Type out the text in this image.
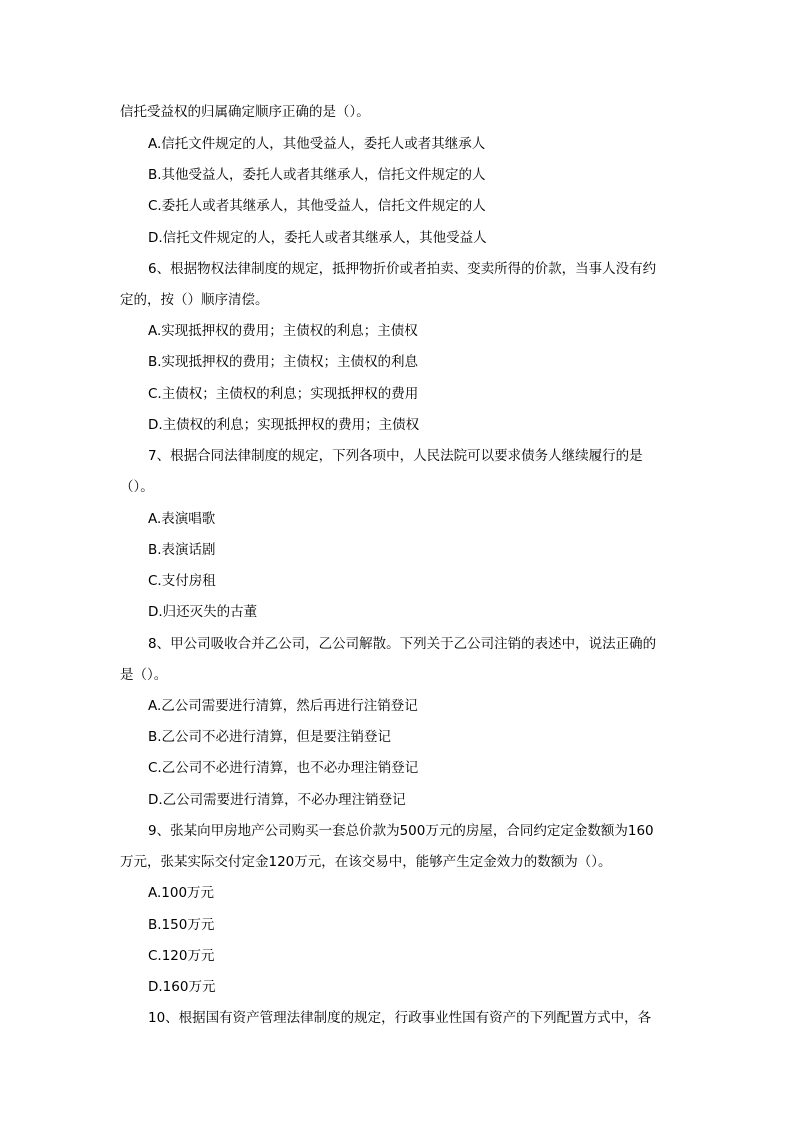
信托受益权的归属确定顺序正确的是（）。
A.信托文件规定的人，其他受益人，委托人或者其继承人
B.其他受益人，委托人或者其继承人，信托文件规定的人
C.委托人或者其继承人，其他受益人，信托文件规定的人
D.信托文件规定的人，委托人或者其继承人，其他受益人
6、根据物权法律制度的规定，抵押物折价或者拍卖、变卖所得的价款，当事人没有约
定的，按（）顺序清偿。
A.实现抵押权的费用；主债权的利息；主债权
B.实现抵押权的费用；主债权；主债权的利息
C.主债权；主债权的利息；实现抵押权的费用
D.主债权的利息；实现抵押权的费用；主债权
7、根据合同法律制度的规定，下列各项中，人民法院可以要求债务人继续履行的是
（）。
A.表演唱歌
B.表演话剧
C.支付房租
D.归还灭失的古董
8、甲公司吸收合并乙公司，乙公司解散。下列关于乙公司注销的表述中，说法正确的
是（）。
A.乙公司需要进行清算，然后再进行注销登记
B.乙公司不必进行清算，但是要注销登记
C.乙公司不必进行清算，也不必办理注销登记
D.乙公司需要进行清算，不必办理注销登记
9、张某向甲房地产公司购买一套总价款为500万元的房屋，合同约定定金数额为160
万元，张某实际交付定金120万元，在该交易中，能够产生定金效力的数额为（）。
A.100万元
B.150万元
C.120万元
D.160万元
10、根据国有资产管理法律制度的规定，行政事业性国有资产的下列配置方式中，各
